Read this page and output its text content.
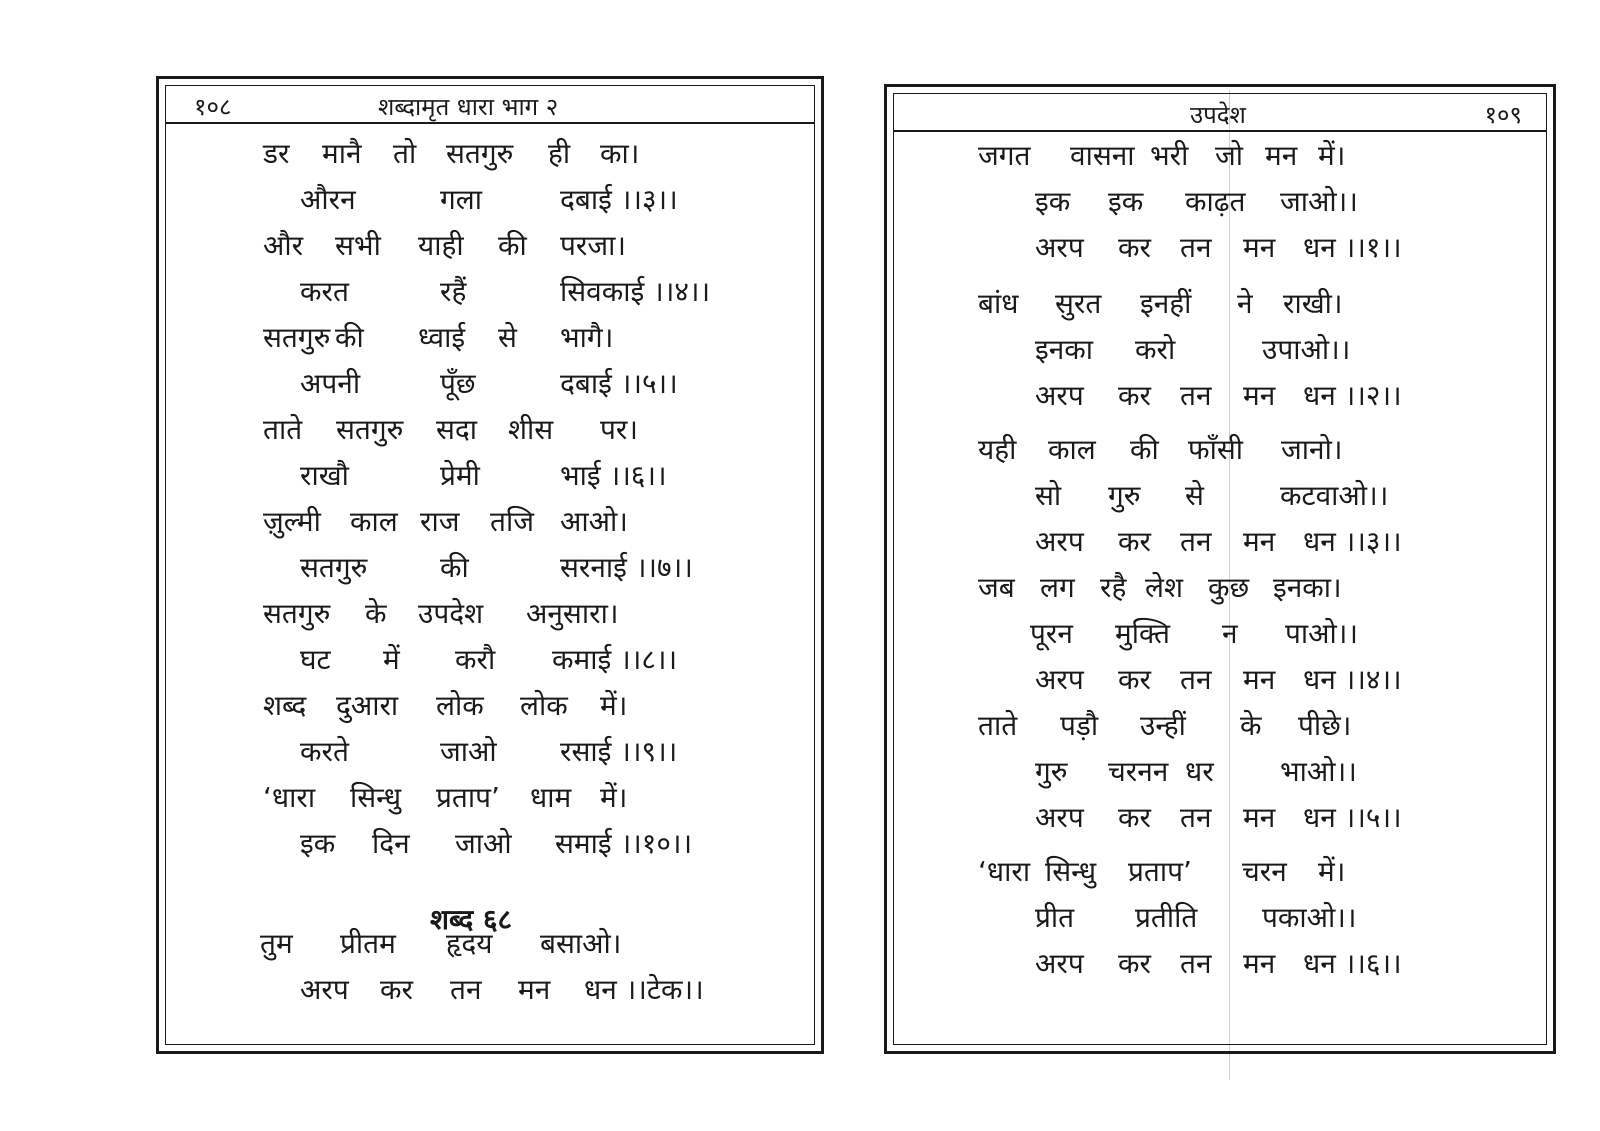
१०८	शब्दामृत धारा भाग २	उपदेश	१०९
डर मानै तो सतगुरु ही का।
औरन	गला	दबाई ।।३।।
और सभी याही की परजा।
करत	रहैं	सिवकाई ।।४।।
सतगुरु की ध्वाई से भागै।
अपनी	पूँछ	दबाई ।।५।।
ताते सतगुरु सदा शीस पर।
राखौ	प्रेमी	भाई ।।६।।
ज़ुल्मी काल राज तजि आओ।
सतगुरु	की	सरनाई ।।७।।
सतगुरु के उपदेश अनुसारा।
घट में करौ कमाई ।।८।।
शब्द दुआरा लोक लोक में।
करते	जाओ रसाई ।।९।।
‘धारा सिन्धु प्रताप’ धाम में।
इक दिन जाओ समाई ।।१०।।
शब्द ६८
तुम प्रीतम हृदय बसाओ।
अरप कर तन मन धन ।।टेक।।
जगत वासना भरी जो मन में।
इक इक काढ़त जाओ।।
अरप कर तन मन धन ।।१।।
बांध सुरत इनहीं ने राखी।
इनका करो	उपाओ।।
अरप कर तन मन धन ।।२।।
यही काल की फाँसी जानो।
सो गुरु से	कटवाओ।।
अरप कर तन मन धन ।।३।।
जब लग रहै लेश कुछ इनका।
पूरन मुक्ति न पाओ।।
अरप कर तन मन धन ।।४।।
ताते पड़ौ उन्हीं के पीछे।
गुरु चरनन धर भाओ।।
अरप कर तन मन धन ।।५।।
‘धारा सिन्धु प्रताप’ चरन में।
प्रीत प्रतीति पकाओ।।
अरप कर तन मन धन ।।६।।
